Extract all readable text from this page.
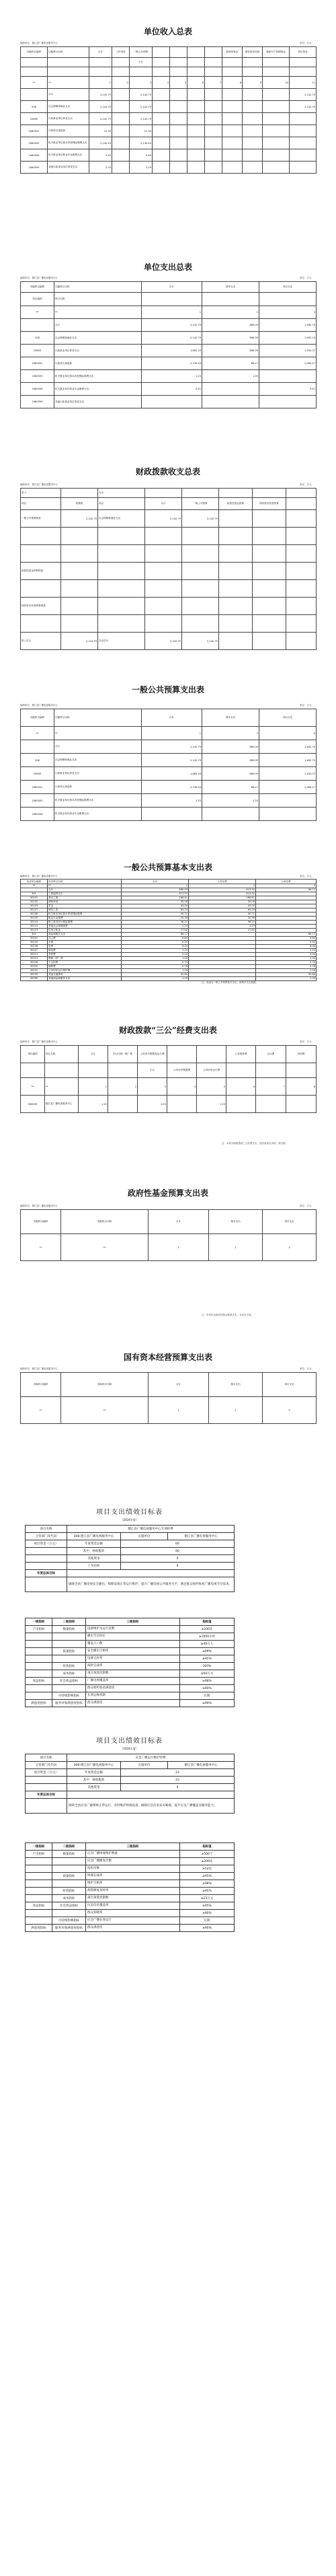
单位收入总表
编制单位：德江县广播电视服务中心	单位：万元
功能科目编码	功能科目名称	合计	上年结转	一般公共预算					政府性基金	国有资本经营	财政专户管理资金	单位资金
				小计								

**	**	1	2	3	4	5	6	7	8	9	10	11
	合计	2,142.79		2,142.79								2,142.79
208	社会保障和就业支出	2,142.79		2,142.79								2,142.79
20805	行政事业单位养老支出	2,142.79		2,142.79								
2080501	行政单位离退休	12.35		12.35								
2080505	机关事业单位基本养老保险缴费支出	2,130.43		2,130.43								
2080506	机关事业单位职业年金缴费支出	0.40		0.40								
2080599	其他行政事业单位养老支出	2.29		2.29								
单位支出总表
编制单位：德江县广播电视服务中心	单位：万元
功能科目编码	功能科目名称	合计	基本支出	项目支出
科目编码	科目名称			
**	**	1	2	3
	合计	2,142.79	680.09	1,462.70
208	社会保障和就业支出	2,142.79	680.09	1,462.70
20805	行政事业单位养老支出	1,882.16	680.09	1,202.07
2080501	行政单位离退休	2,130.44	66.17	2,064.27
2080505	机关事业单位基本养老保险缴费支出	1.25	1.25	
2080506	机关事业单位职业年金缴费支出	0.41		0.41
2080599	其他行政事业单位养老支出			
财政拨款收支总表
编制单位：德江县广播电视服务中心	单位：万元
收入		支出					
项目	预算数	项目	合计	一般公共预算	政府性基金预算	国有资本经营预算	
一般公共预算拨款	2,142.79	社会保障和就业支出	2,142.79	2,142.79			

政府性基金预算拨款							

国有资本经营预算拨款							

收入总计	2,142.79	支出总计	2,142.79	2,142.79			
一般公共预算支出表
编制单位：德江县广播电视服务中心	单位：万元
功能科目编码	功能科目名称	合计	基本支出	项目支出
**	**	1	2	3
	合计	2,142.79	680.09	1,462.70
208	社会保障和就业支出	2,142.79	680.09	1,462.70
20805	行政事业单位养老支出	1,882.16	680.09	1,202.07
2080501	行政单位离退休	2,130.44	66.17	2,064.27
2080505	机关事业单位基本养老保险缴费支出	1.25	1.25	
2080506	机关事业单位职业年金缴费支出			
一般公共预算基本支出表
编制单位：德江县广播电视服务中心	单位：万元
经济科目编码	经济科目名称	合计	人员经费	公用经费
**	**	1	2	3
	合计	680.09	613.92	66.17
301	工资福利支出	613.92	613.92	
30101	基本工资	166.61	166.61	
30102	津贴补贴	35.06	35.06	
30103	奖金	43.00	43.00	
30107	绩效工资	64.29	64.29	
30108	机关事业单位基本养老保险缴费	40.71	40.71	
30109	职业年金缴费	20.36	20.36	
30110	职工基本医疗保险缴费	36.21	36.21	
30112	其他社会保障缴费	2.23	2.23	
30113	住房公积金	27.82	27.82	
302	商品和服务支出	66.17		66.17
30201	办公费	9.80		9.80
30205	水费	0.50		0.50
30206	电费	6.00		6.00
30207	邮电费	1.20		1.20
30211	差旅费	5.00		5.00
30213	维修（护）费	1.00		1.00
30228	工会经费	5.75		5.75
30229	福利费	2.78		2.78
30231	公务用车运行维护费	1.25		1.25
30239	其他交通费用	32.60		32.60
30299	其他商品和服务支出	1.29		1.29
注：此表为一般公共预算基本支出，请核对支出数据。
财政拨款“三公”经费支出表
编制单位：德江县广播电视服务中心	单位：万元
单位编码	单位名称	合计	因公出国（境）费	公务用车购置及运行费			公务接待费	会议费	培训费
				小计	公务用车购置费	公务用车运行费			
**	**	1	2	3	4	5	6	7	8
308009	德江县广播电视服务中心	1.25		1.25		1.25			
注：本表为财政拨款三公经费支出，没有此项支出的，请注明。
政府性基金预算支出表
编制单位：德江县广播电视服务中心	单位：万元
功能科目编码	功能科目名称	合计	基本支出	项目支出
**	**	1	2	3
注：本单位无政府性基金预算支出，本表为空表。
国有资本经营预算支出表
编制单位：德江县广播电视服务中心	单位：万元
功能科目编码	功能科目名称	合计	基本支出	项目支出
**	**	1	2	3
项目支出绩效目标表
（2024年度）
项目名称	德江县广播电视服务中心专项经费		
主管部门及代码	308-德江县广播电视服务中心	实施单位	德江县广播电视服务中心
项目资金（万元）	年度资金总额	60	
	其中：财政拨款	60	
	其他资金	0	
	上年结转	0	
年度总体目标			
	确保全县广播电视安全播出，保障设备正常运行维护，提升广播电视公共服务水平，满足群众收听收看广播电视节目需求。		
一级指标	二级指标	三级指标	指标值
产出指标	数量指标	设备维护及运行次数	≥100次
		播出节目时长	≥1000小时
		覆盖人口数	≥40万人
	质量指标	安全播出合格率	≥99%
		设备完好率	≥95%
	时效指标	按时完成率	100%
	成本指标	项目预算控制数	≤60万元
效益指标	社会效益指标	广播电视覆盖率	≥98%
		群众收听收看满意度	≥90%
	可持续影响指标	长效运维机制	长期
满意度指标	服务对象满意度指标	群众满意度	≥90%
项目支出绩效目标表
（2024年度）
项目名称	应急广播运行维护经费		
主管部门及代码	308-德江县广播电视服务中心	实施单位	德江县广播电视服务中心
项目资金（万元）	年度资金总额	23	
	其中：财政拨款	23	
	其他资金	0	
年度总体目标			
	保障全县应急广播系统正常运行，及时维护终端设备，确保应急信息发布畅通，提升应急广播覆盖及服务能力。		
一级指标	二级指标	三级指标	指标值
产出指标	数量指标	应急广播终端维护数量	≥500个
		应急广播播发次数	≥200次
		巡检次数	≥12次
	质量指标	终端在线率	≥95%
		维护合格率	≥98%
	时效指标	故障修复及时率	≥95%
	成本指标	项目预算控制数	≤23万元
效益指标	社会效益指标	应急信息覆盖率	≥95%
		群众知晓率	≥90%
	可持续影响指标	应急广播长效运行	长期
满意度指标	服务对象满意度指标	群众满意度	≥90%
